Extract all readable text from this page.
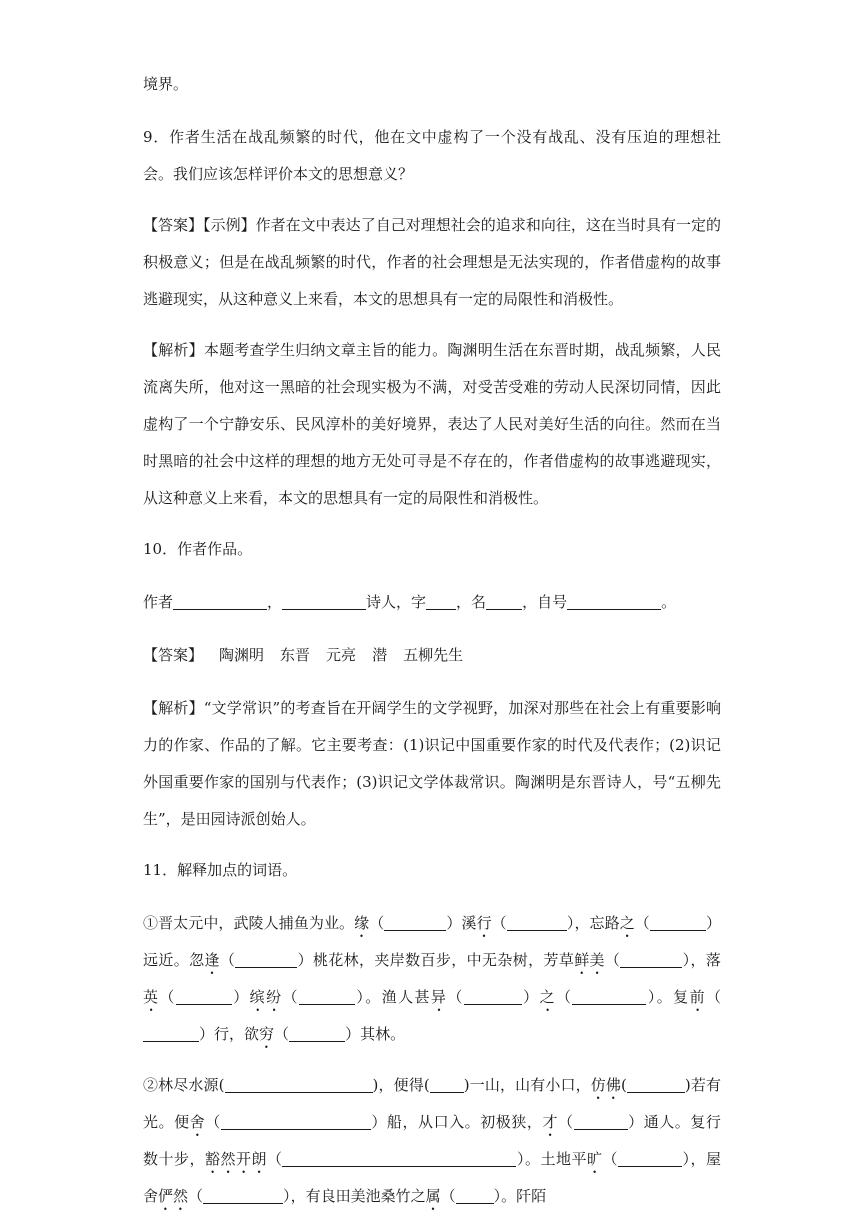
境界。

9．作者生活在战乱频繁的时代，他在文中虚构了一个没有战乱、没有压迫的理想社会。我们应该怎样评价本文的思想意义？

【答案】【示例】作者在文中表达了自己对理想社会的追求和向往，这在当时具有一定的积极意义；但是在战乱频繁的时代，作者的社会理想是无法实现的，作者借虚构的故事逃避现实，从这种意义上来看，本文的思想具有一定的局限性和消极性。

【解析】本题考查学生归纳文章主旨的能力。陶渊明生活在东晋时期，战乱频繁，人民流离失所，他对这一黑暗的社会现实极为不满，对受苦受难的劳动人民深切同情，因此虚构了一个宁静安乐、民风淳朴的美好境界，表达了人民对美好生活的向往。然而在当时黑暗的社会中这样的理想的地方无处可寻是不存在的，作者借虚构的故事逃避现实，从这种意义上来看，本文的思想具有一定的局限性和消极性。

10．作者作品。

作者	，	诗人，字 ，名 ，自号	。

【答案】 陶渊明 东晋 元亮 潜 五柳先生

【解析】“文学常识”的考查旨在开阔学生的文学视野，加深对那些在社会上有重要影响力的作家、作品的了解。它主要考查：(1)识记中国重要作家的时代及代表作；(2)识记外国重要作家的国别与代表作；(3)识记文学体裁常识。陶渊明是东晋诗人，号“五柳先生”，是田园诗派创始人。

11．解释加点的词语。

①晋太元中，武陵人捕鱼为业。缘（	）溪行（	），忘路之（	）远近。忽逢（	）桃花林，夹岸数百步，中无杂树，芳草鲜美（	），落英（	）缤纷（	）。渔人甚异（	）之（	）。复前（）行，欲穷（	）其林。

②林尽水源(	)，便得( )一山，山有小口，仿佛(	)若有光。便舍（	）船，从口入。初极狭，才（	）通人。复行数十步，豁然开朗（	）。土地平旷（	），屋舍俨然（	），有良田美池桑竹之属（	）。阡陌
